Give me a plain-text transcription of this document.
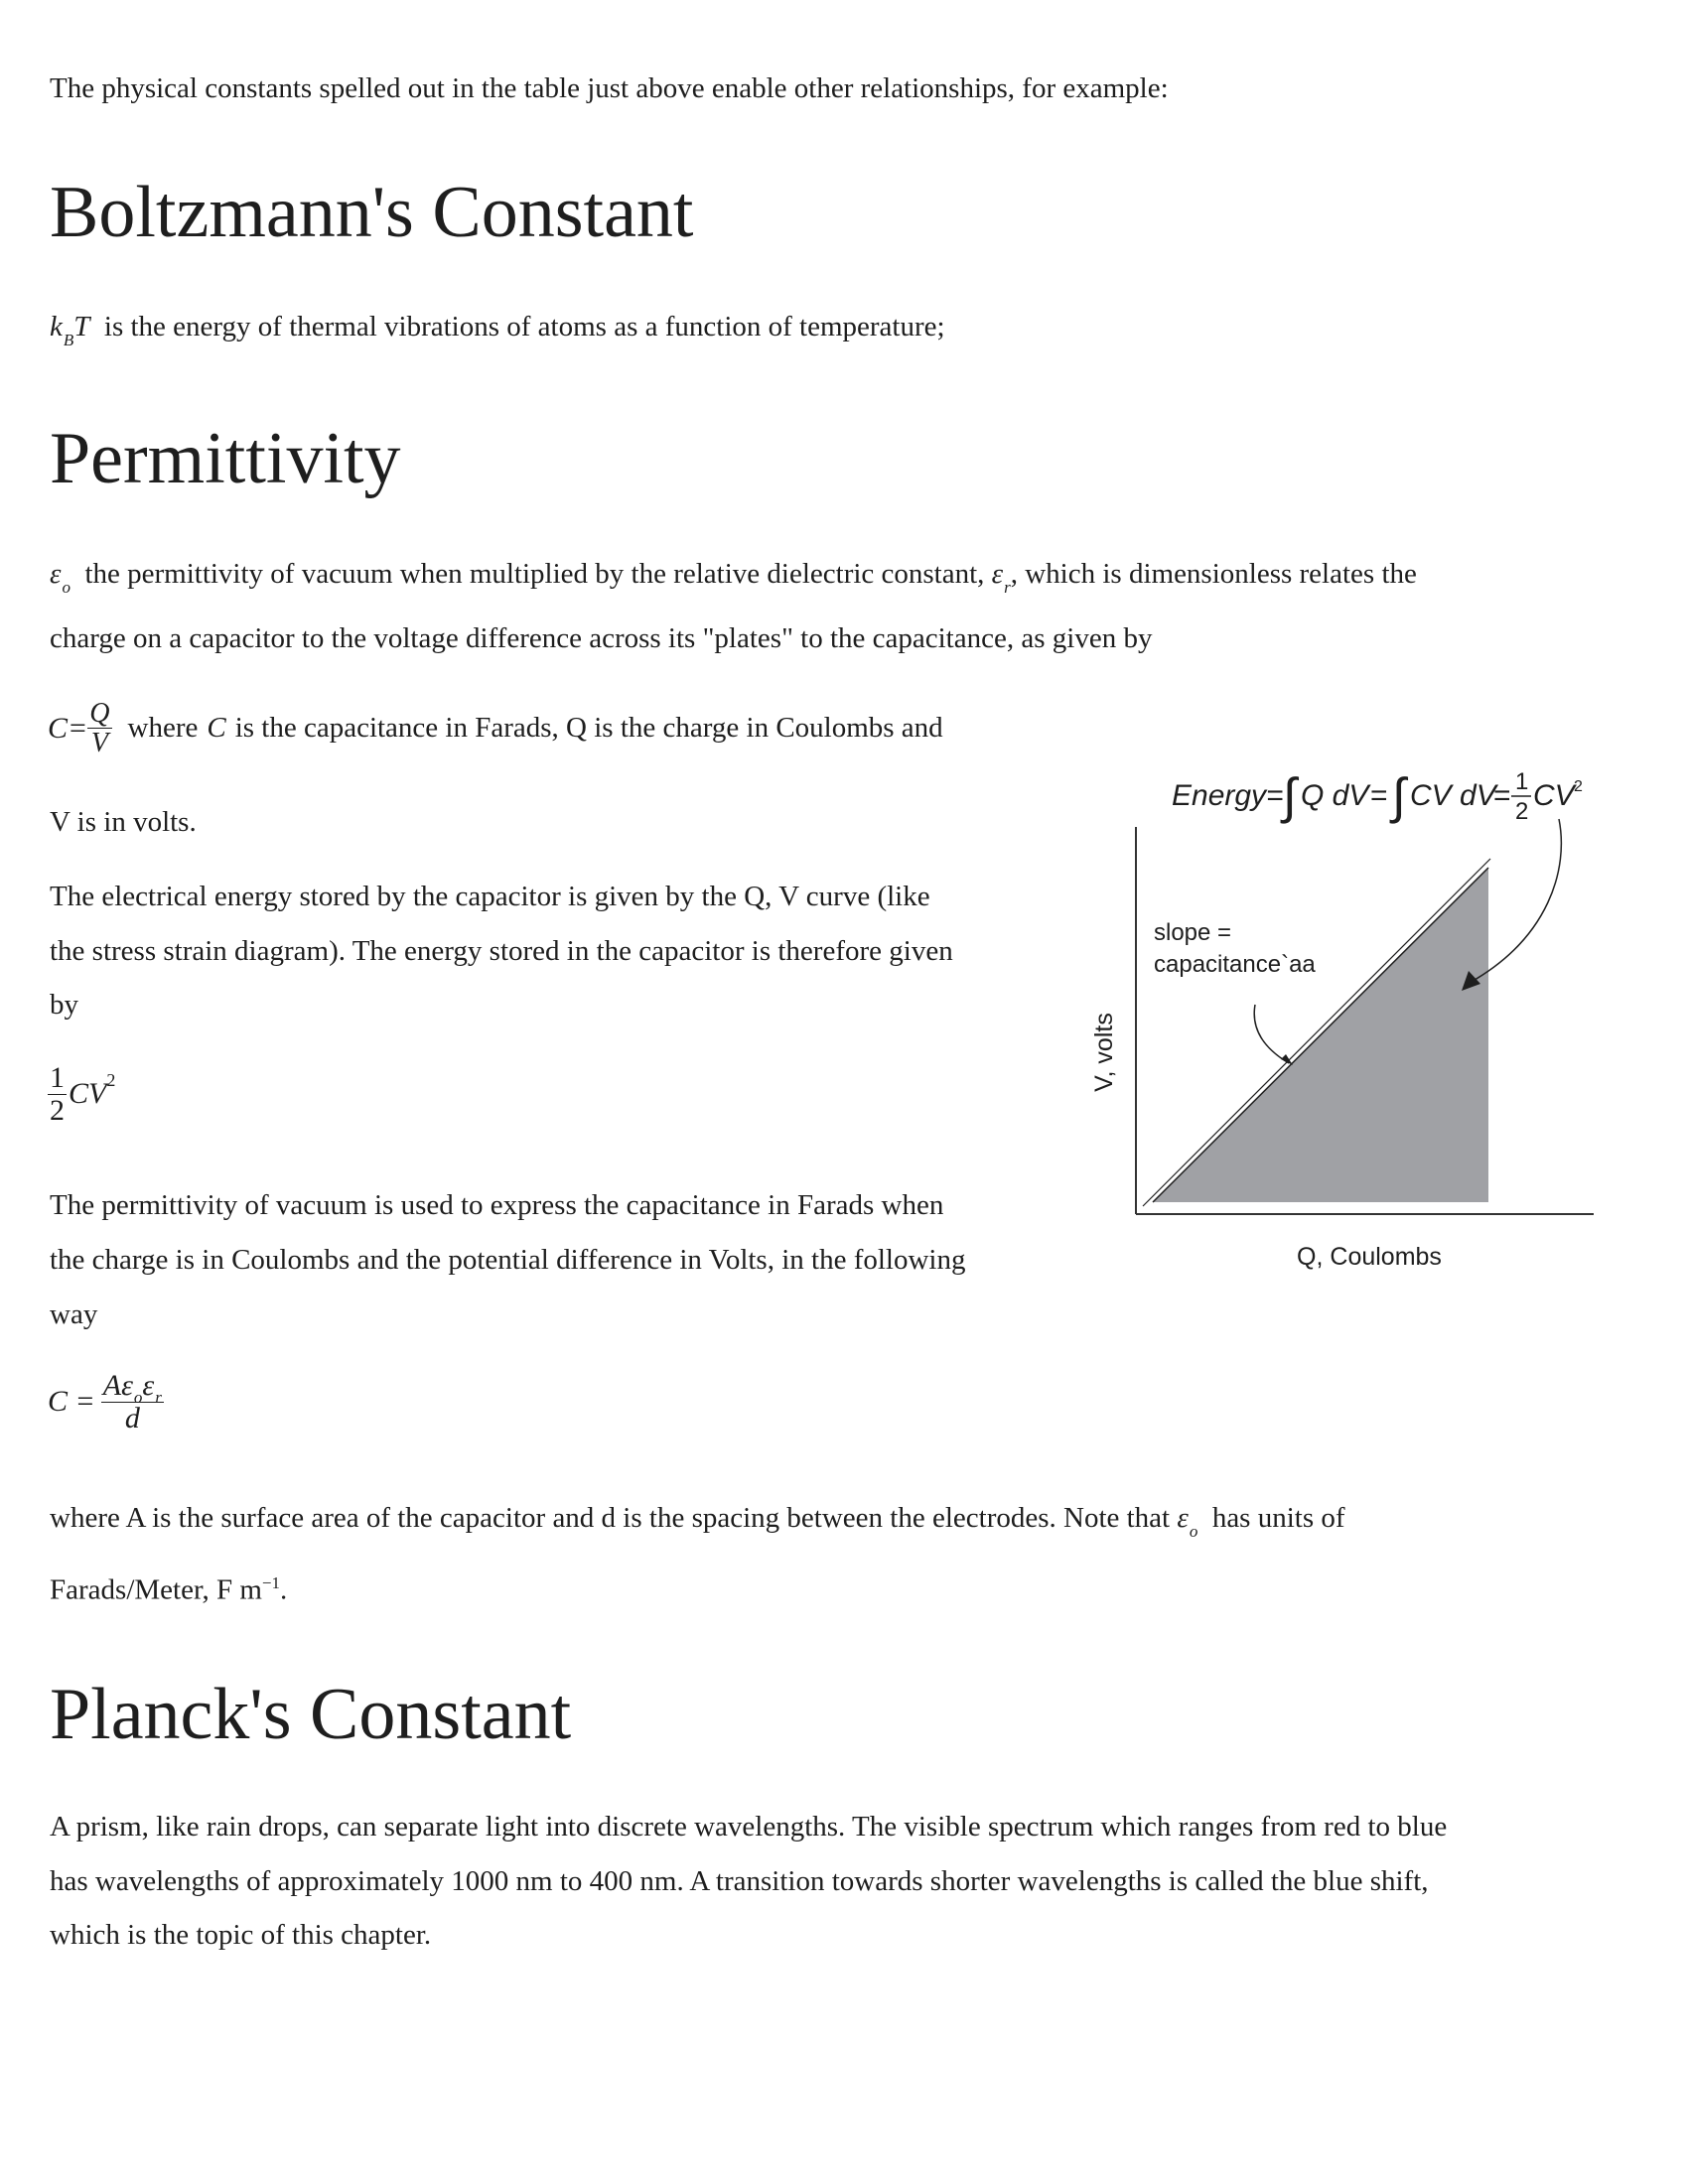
The physical constants spelled out in the table just above enable other relationships, for example:

Boltzmann's Constant

$k_BT$ is the energy of thermal vibrations of atoms as a function of temperature;

Permittivity

$\varepsilon_o$ the permittivity of vacuum when multiplied by the relative dielectric constant, $\varepsilon_r$, which is dimensionless relates the

charge on a capacitor to the voltage difference across its "plates" to the capacitance, as given by

$C= \frac{Q}{V}$ where C is the capacitance in Farads, Q is the charge in Coulombs and

V is in volts.

The electrical energy stored by the capacitor is given by the Q, V curve (like

the stress strain diagram). The energy stored in the capacitor is therefore given

by

$\frac{1}{2}$ CV 2

The permittivity of vacuum is used to express the capacitance in Farads when

the charge is in Coulombs and the potential difference in Volts, in the following

way

$C = \frac{A\varepsilon_o\varepsilon_r}{d}$

where A is the surface area of the capacitor and d is the spacing between the electrodes. Note that $\varepsilon_o$ has units of

Farads/Meter, F $m^{-1}$.

Energy= ∫ Q dV = ∫ CV dV
= 1
2 CV 2
V, volts
Q, Coulombs
slope =
capacitance`aa
Planck's Constant

A prism, like rain drops, can separate light into discrete wavelengths. The visible spectrum which ranges from red to blue

has wavelengths of approximately 1000 nm to 400 nm. A transition towards shorter wavelengths is called the blue shift,

which is the topic of this chapter.
